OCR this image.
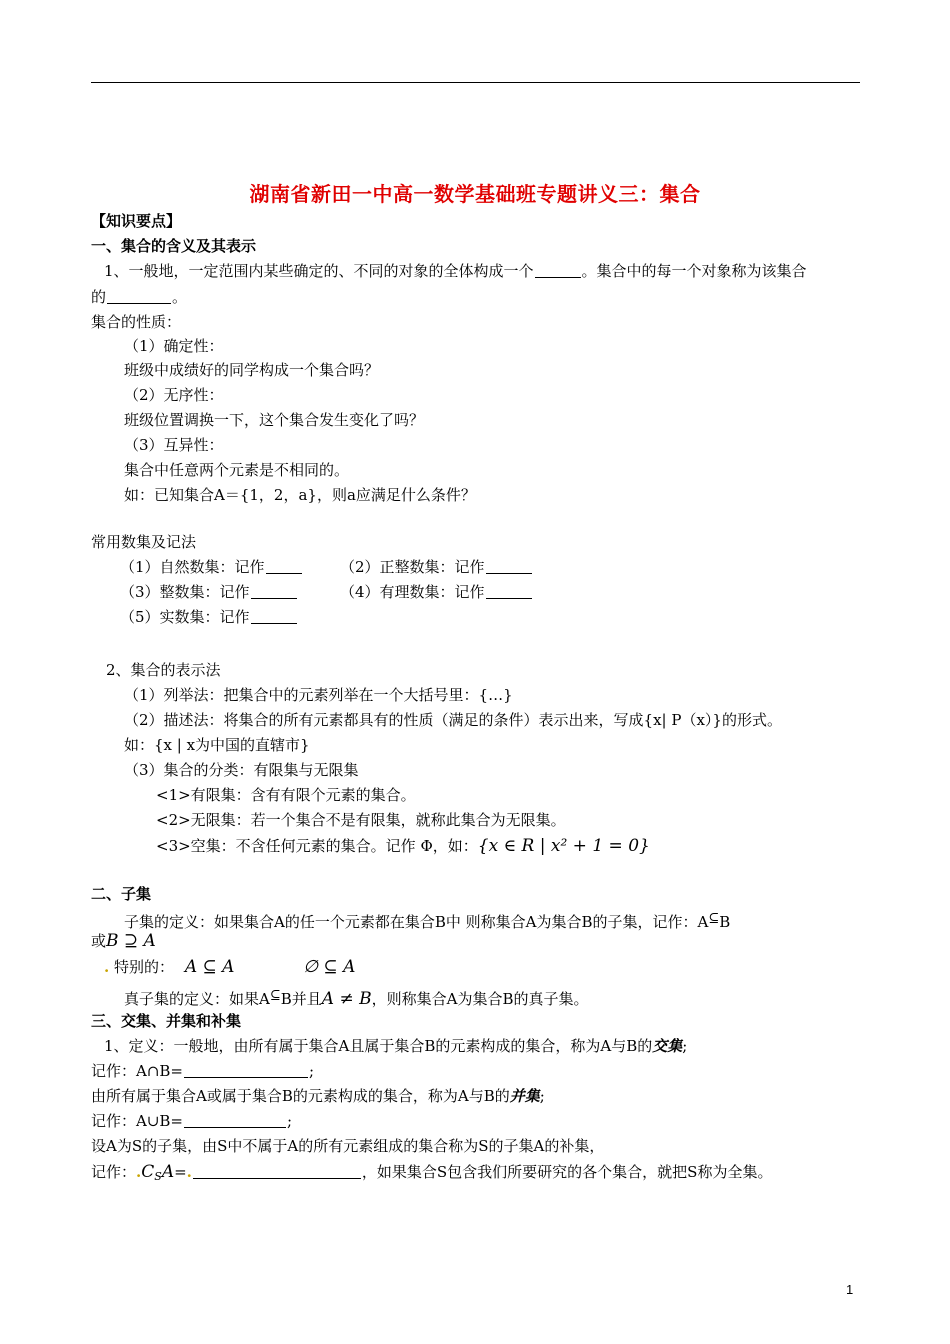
湖南省新田一中高一数学基础班专题讲义三：集合
【知识要点】
一、集合的含义及其表示
1、一般地，一定范围内某些确定的、不同的对象的全体构成一个	。集合中的每一个对象称为该集合
的	。
集合的性质：
（1）确定性：
班级中成绩好的同学构成一个集合吗？
（2）无序性：
班级位置调换一下，这个集合发生变化了吗？
（3）互异性：
集合中任意两个元素是不相同的。
如：已知集合A＝{1，2，a}，则a应满足什么条件？
常用数集及记法
（1）自然数集：记作	（2）正整数集：记作
（3）整数集：记作	（4）有理数集：记作
（5）实数集：记作
2、集合的表示法
（1）列举法：把集合中的元素列举在一个大括号里：{…}
（2）描述法：将集合的所有元素都具有的性质（满足的条件）表示出来，写成{x| P（x）}的形式。
如：{x | x为中国的直辖市}
（3）集合的分类：有限集与无限集
<1>有限集：含有有限个元素的集合。
<2>无限集：若一个集合不是有限集，就称此集合为无限集。
<3>空集：不含任何元素的集合。记作 Φ，如：{x ∈ R | x² + 1 = 0}
二、子集
子集的定义：如果集合A的任一个元素都在集合B中 则称集合A为集合B的子集，记作：A⊆B
或B ⊇ A
. 特别的： A ⊆ A	∅ ⊆ A
真子集的定义：如果A⊆B并且A ≠ B，则称集合A为集合B的真子集。
三、交集、并集和补集
1、定义：一般地，由所有属于集合A且属于集合B的元素构成的集合，称为A与B的交集;
记作：A∩B=	;
由所有属于集合A或属于集合B的元素构成的集合，称为A与B的并集;
记作：A∪B=	;
设A为S的子集，由S中不属于A的所有元素组成的集合称为S的子集A的补集，
记作：$.C_SA=$.	，如果集合S包含我们所要研究的各个集合，就把S称为全集。
1
